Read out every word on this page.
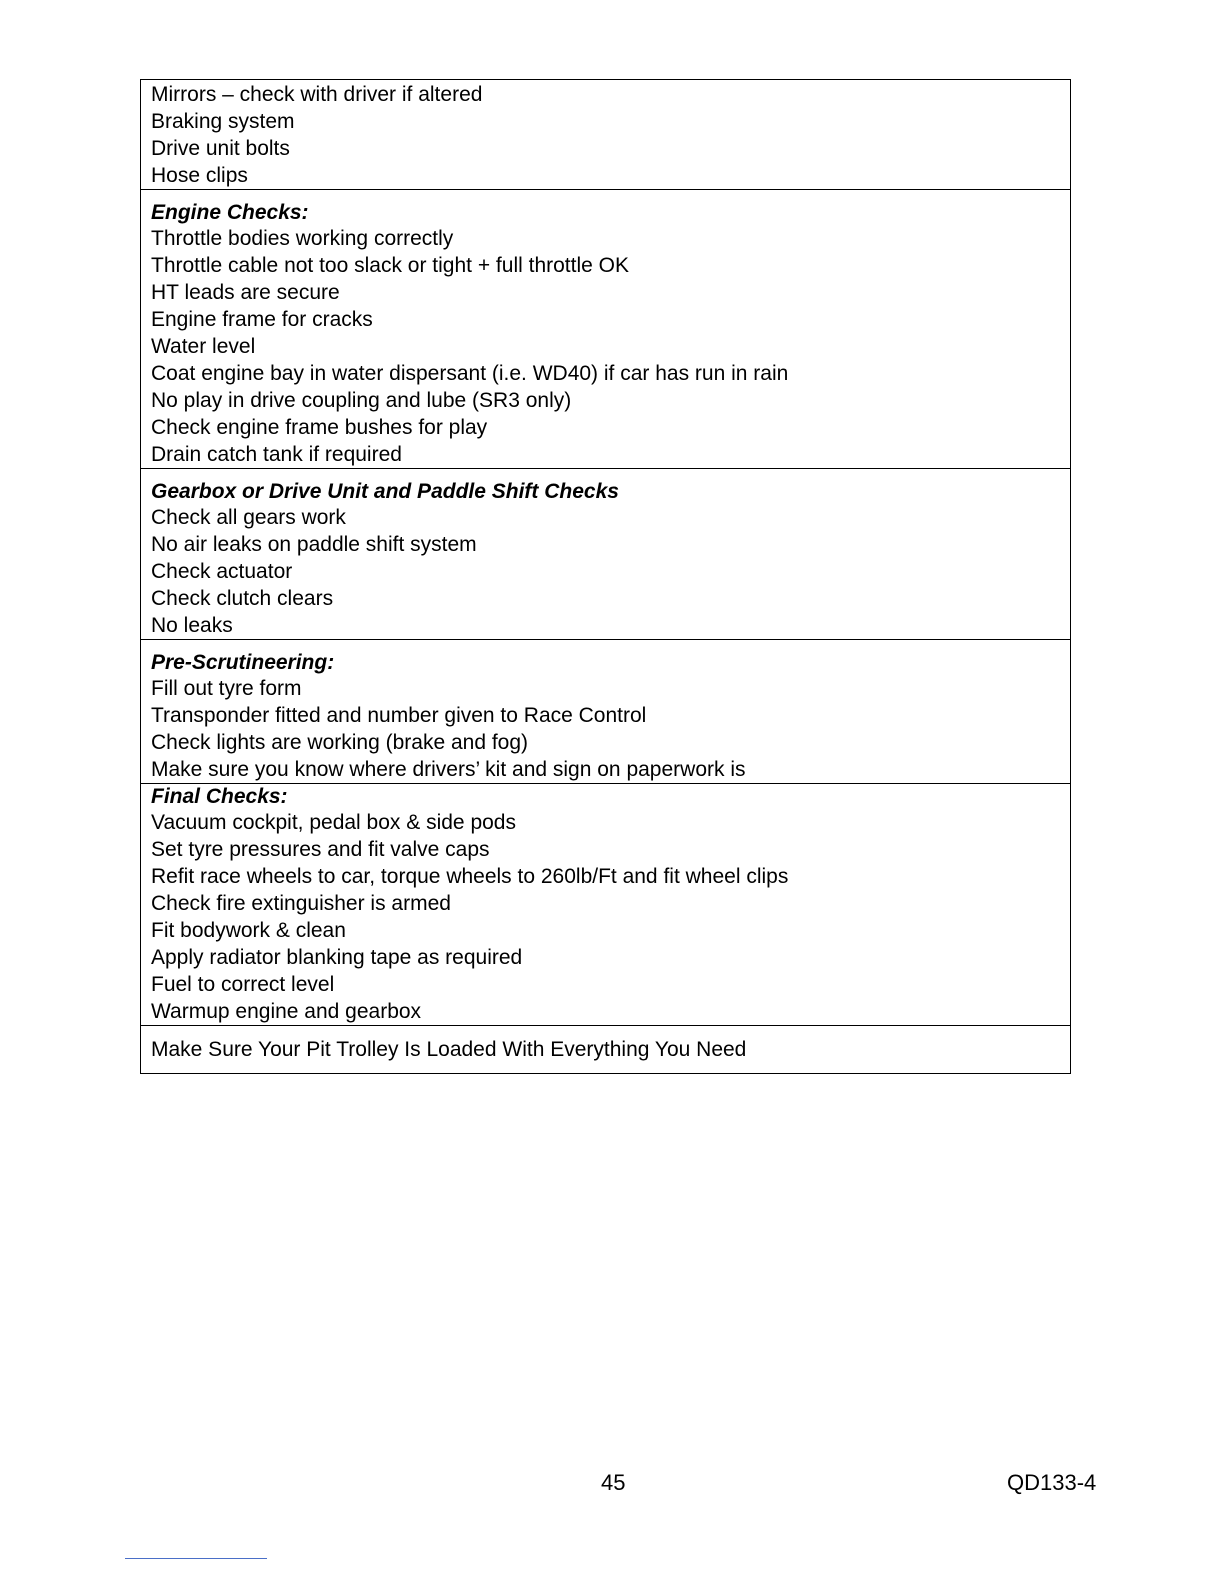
Mirrors – check with driver if altered
Braking system
Drive unit bolts
Hose clips

Engine Checks:
Throttle bodies working correctly
Throttle cable not too slack or tight + full throttle OK
HT leads are secure
Engine frame for cracks
Water level
Coat engine bay in water dispersant (i.e. WD40) if car has run in rain
No play in drive coupling and lube (SR3 only)
Check engine frame bushes for play
Drain catch tank if required

Gearbox or Drive Unit and Paddle Shift Checks
Check all gears work
No air leaks on paddle shift system
Check actuator
Check clutch clears
No leaks

Pre-Scrutineering:
Fill out tyre form
Transponder fitted and number given to Race Control
Check lights are working (brake and fog)
Make sure you know where drivers’ kit and sign on paperwork is

Final Checks:
Vacuum cockpit, pedal box & side pods
Set tyre pressures and fit valve caps
Refit race wheels to car, torque wheels to 260lb/Ft and fit wheel clips
Check fire extinguisher is armed
Fit bodywork & clean
Apply radiator blanking tape as required
Fuel to correct level
Warmup engine and gearbox

Make Sure Your Pit Trolley Is Loaded With Everything You Need
45	QD133-4
